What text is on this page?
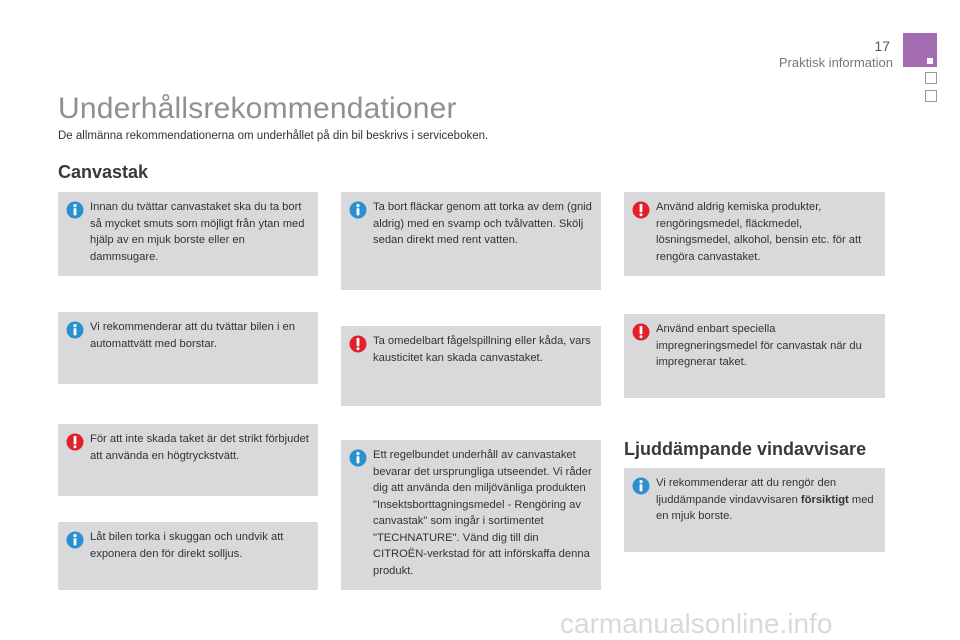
17
Praktisk information
Underhållsrekommendationer
De allmänna rekommendationerna om underhållet på din bil beskrivs i serviceboken.
Canvastak
Ljuddämpande vindavvisare
Innan du tvättar canvastaket ska du ta bort så mycket smuts som möjligt från ytan med hjälp av en mjuk borste eller en dammsugare.
Vi rekommenderar att du tvättar bilen i en automattvätt med borstar.
För att inte skada taket är det strikt förbjudet att använda en högtryckstvätt.
Låt bilen torka i skuggan och undvik att exponera den för direkt solljus.
Ta bort fläckar genom att torka av dem (gnid aldrig) med en svamp och tvålvatten. Skölj sedan direkt med rent vatten.
Ta omedelbart fågelspillning eller kåda, vars kausticitet kan skada canvastaket.
Ett regelbundet underhåll av canvastaket bevarar det ursprungliga utseendet. Vi råder dig att använda den miljövänliga produkten "Insektsborttagningsmedel - Rengöring av canvastak" som ingår i sortimentet "TECHNATURE". Vänd dig till din CITROËN-verkstad för att införskaffa denna produkt.
Använd aldrig kemiska produkter, rengöringsmedel, fläckmedel, lösningsmedel, alkohol, bensin etc. för att rengöra canvastaket.
Använd enbart speciella impregneringsmedel för canvastak när du impregnerar taket.
Vi rekommenderar att du rengör den ljuddämpande vindavvisaren försiktigt med en mjuk borste.
carmanualsonline.info
